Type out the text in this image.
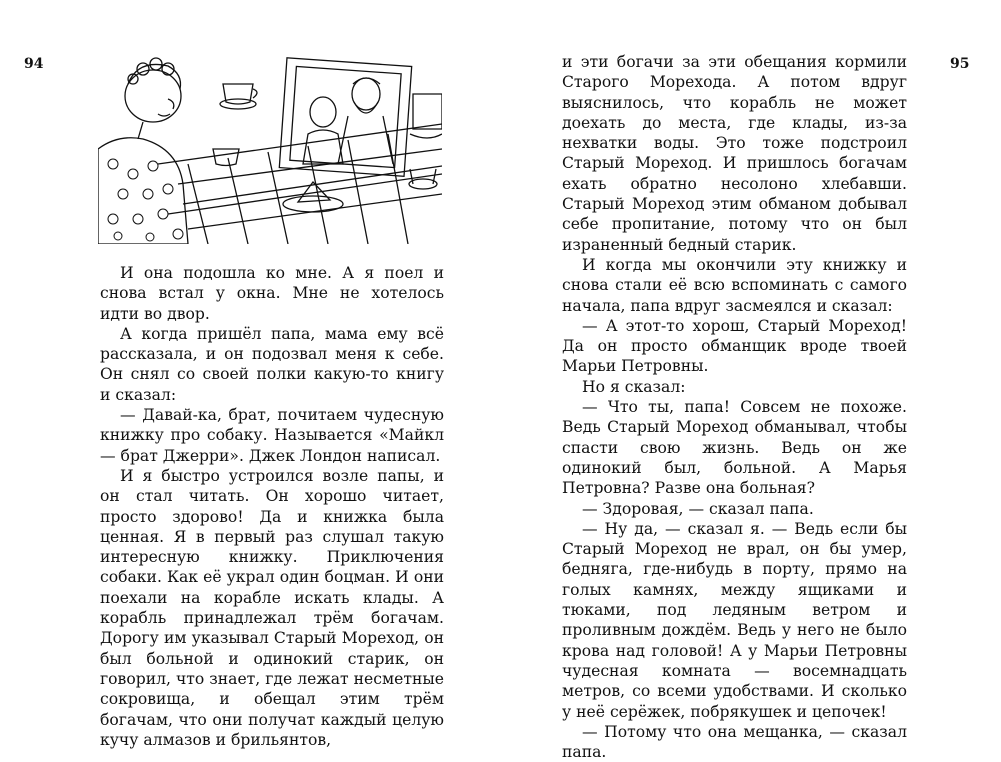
94	95

И она подошла ко мне. А я поел и снова встал у окна. Мне не хотелось идти во двор.

А когда пришёл папа, мама ему всё рассказала, и он подозвал меня к себе. Он снял со своей полки какую-то книгу и сказал:

— Давай-ка, брат, почитаем чудесную книжку про собаку. Называется «Майкл — брат Джерри». Джек Лондон написал.

И я быстро устроился возле папы, и он стал читать. Он хорошо читает, просто здорово! Да и книжка была ценная. Я в первый раз слушал такую интересную книжку. Приключения собаки. Как её украл один боцман. И они поехали на корабле искать клады. А корабль принадлежал трём богачам. Дорогу им указывал Старый Мореход, он был больной и одинокий старик, он говорил, что знает, где лежат несметные сокровища, и обещал этим трём богачам, что они получат каждый целую кучу алмазов и брильянтов,

и эти богачи за эти обещания кормили Старого Морехода. А потом вдруг выяснилось, что корабль не может доехать до места, где клады, из-за нехватки воды. Это тоже подстроил Старый Мореход. И пришлось богачам ехать обратно несолоно хлебавши. Старый Мореход этим обманом добывал себе пропитание, потому что он был израненный бедный старик.

И когда мы окончили эту книжку и снова стали её всю вспоминать с самого начала, папа вдруг засмеялся и сказал:

— А этот-то хорош, Старый Мореход! Да он просто обманщик вроде твоей Марьи Петровны.

Но я сказал:

— Что ты, папа! Совсем не похоже. Ведь Старый Мореход обманывал, чтобы спасти свою жизнь. Ведь он же одинокий был, больной. А Марья Петровна? Разве она больная?

— Здоровая, — сказал папа.

— Ну да, — сказал я. — Ведь если бы Старый Мореход не врал, он бы умер, бедняга, где-нибудь в порту, прямо на голых камнях, между ящиками и тюками, под ледяным ветром и проливным дождём. Ведь у него не было крова над головой! А у Марьи Петровны чудесная комната — восемнадцать метров, со всеми удобствами. И сколько у неё серёжек, побрякушек и цепочек!

— Потому что она мещанка, — сказал папа.
